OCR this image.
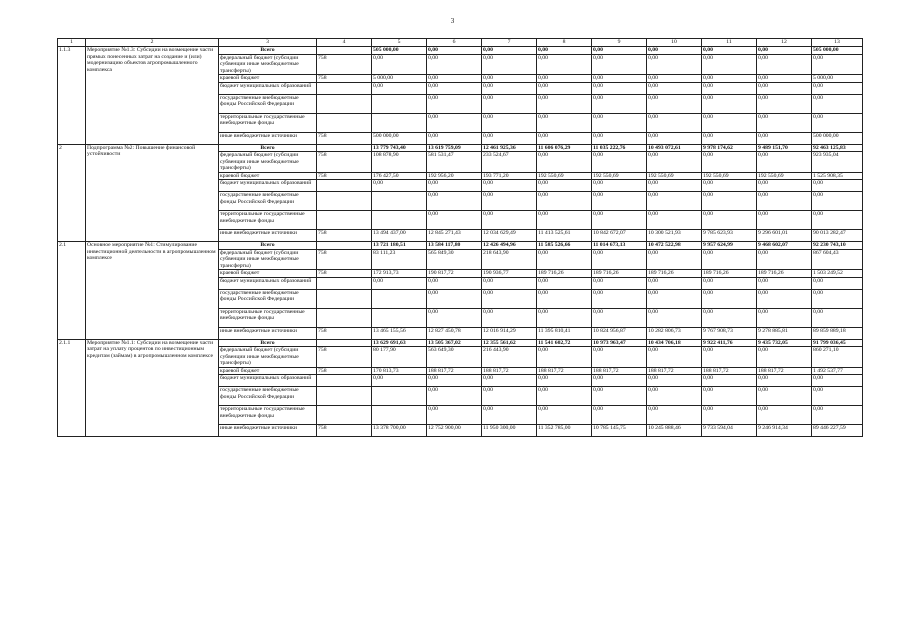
3
1	2	3	4	5	6	7	8	9	10	11	12	13
1.1.3	Мероприятие №1.3: Субсидии на возмещение части прямых понесенных затрат на создание и (или) модернизацию объектов агропромышленного комплекса	Всего		505 000,00	0,00	0,00	0,00	0,00	0,00	0,00	0,00	505 000,00
		федеральный бюджет (субсидии субвенции иные межбюджетные трансферты)	758	0,00	0,00	0,00	0,00	0,00	0,00	0,00	0,00	0,00
		краевой бюджет	758	5 000,00	0,00	0,00	0,00	0,00	0,00	0,00	0,00	5 000,00
		бюджет муниципальных образований		0,00	0,00	0,00	0,00	0,00	0,00	0,00	0,00	0,00
		государственные внебюджетные фонды Российской Федерации			0,00	0,00	0,00	0,00	0,00	0,00	0,00	0,00
		территориальные государственные внебюджетные фонды			0,00	0,00	0,00	0,00	0,00	0,00	0,00	0,00
		иные внебюджетные источники	758	500 000,00	0,00	0,00	0,00	0,00	0,00	0,00	0,00	500 000,00
2	Подпрограмма №2: Повышение финансовой устойчивости	Всего		13 779 743,40	13 619 759,09	12 461 925,36	11 606 076,29	11 035 222,76	10 493 072,61	9 978 174,62	9 489 151,70	92 463 125,83
		федеральный бюджет (субсидии субвенции иные межбюджетные трансферты)	758	108 878,90	581 531,47	233 524,67	0,00	0,00	0,00	0,00	0,00	923 935,04
		краевой бюджет	758	176 427,50	192 956,20	193 771,20	192 550,69	192 550,69	192 550,69	192 550,69	192 550,69	1 525 908,35
		бюджет муниципальных образований		0,00	0,00	0,00	0,00	0,00	0,00	0,00	0,00	0,00
		государственные внебюджетные фонды Российской Федерации			0,00	0,00	0,00	0,00	0,00	0,00	0,00	0,00
		территориальные государственные внебюджетные фонды			0,00	0,00	0,00	0,00	0,00	0,00	0,00	0,00
		иные внебюджетные источники	758	13 494 437,00	12 845 271,43	12 034 629,49	11 413 525,61	10 842 672,07	10 300 521,93	9 785 623,93	9 296 601,01	90 013 282,47
2.1	Основное мероприятие №1: Стимулирование инвестиционной деятельности в агропромышленном комплексе	Всего		13 721 180,51	13 584 117,80	12 426 494,96	11 585 526,66	11 014 673,13	10 472 522,98	9 957 624,99	9 468 602,07	92 230 743,10
		федеральный бюджет (субсидии субвенции иные межбюджетные трансферты)	758	83 111,23	565 849,30	218 643,90	0,00	0,00	0,00	0,00	0,00	867 604,43
		краевой бюджет	758	172 913,73	190 817,72	190 936,77	189 716,26	189 716,26	189 716,26	189 716,26	189 716,26	1 503 249,52
		бюджет муниципальных образований		0,00	0,00	0,00	0,00	0,00	0,00	0,00	0,00	0,00
		государственные внебюджетные фонды Российской Федерации			0,00	0,00	0,00	0,00	0,00	0,00	0,00	0,00
		территориальные государственные внебюджетные фонды			0,00	0,00	0,00	0,00	0,00	0,00	0,00	0,00
		иные внебюджетные источники	758	13 465 155,56	12 827 450,78	12 016 914,29	11 395 810,41	10 824 956,87	10 282 806,73	9 767 908,73	9 278 885,81	89 859 889,18
2.1.1	Мероприятие №1.1: Субсидии на возмещение части затрат на уплату процентов по инвестиционным кредитам (займам) в агропромышленном комплексе	Всего		13 629 691,63	13 505 367,02	12 355 561,62	11 541 602,72	10 973 963,47	10 434 706,18	9 922 411,76	9 435 732,05	91 799 036,45
		федеральный бюджет (субсидии субвенции иные межбюджетные трансферты)	758	80 177,90	563 649,30	216 443,90	0,00	0,00	0,00	0,00	0,00	860 271,10
		краевой бюджет	758	170 813,73	188 817,72	188 817,72	188 817,72	188 817,72	188 817,72	188 817,72	188 817,72	1 492 537,77
		бюджет муниципальных образований		0,00	0,00	0,00	0,00	0,00	0,00	0,00	0,00	0,00
		государственные внебюджетные фонды Российской Федерации			0,00	0,00	0,00	0,00	0,00	0,00	0,00	0,00
		территориальные государственные внебюджетные фонды			0,00	0,00	0,00	0,00	0,00	0,00	0,00	0,00
		иные внебюджетные источники	758	13 378 700,00	12 752 900,00	11 950 300,00	11 352 785,00	10 785 145,75	10 245 888,46	9 733 594,04	9 246 914,34	89 446 227,59
